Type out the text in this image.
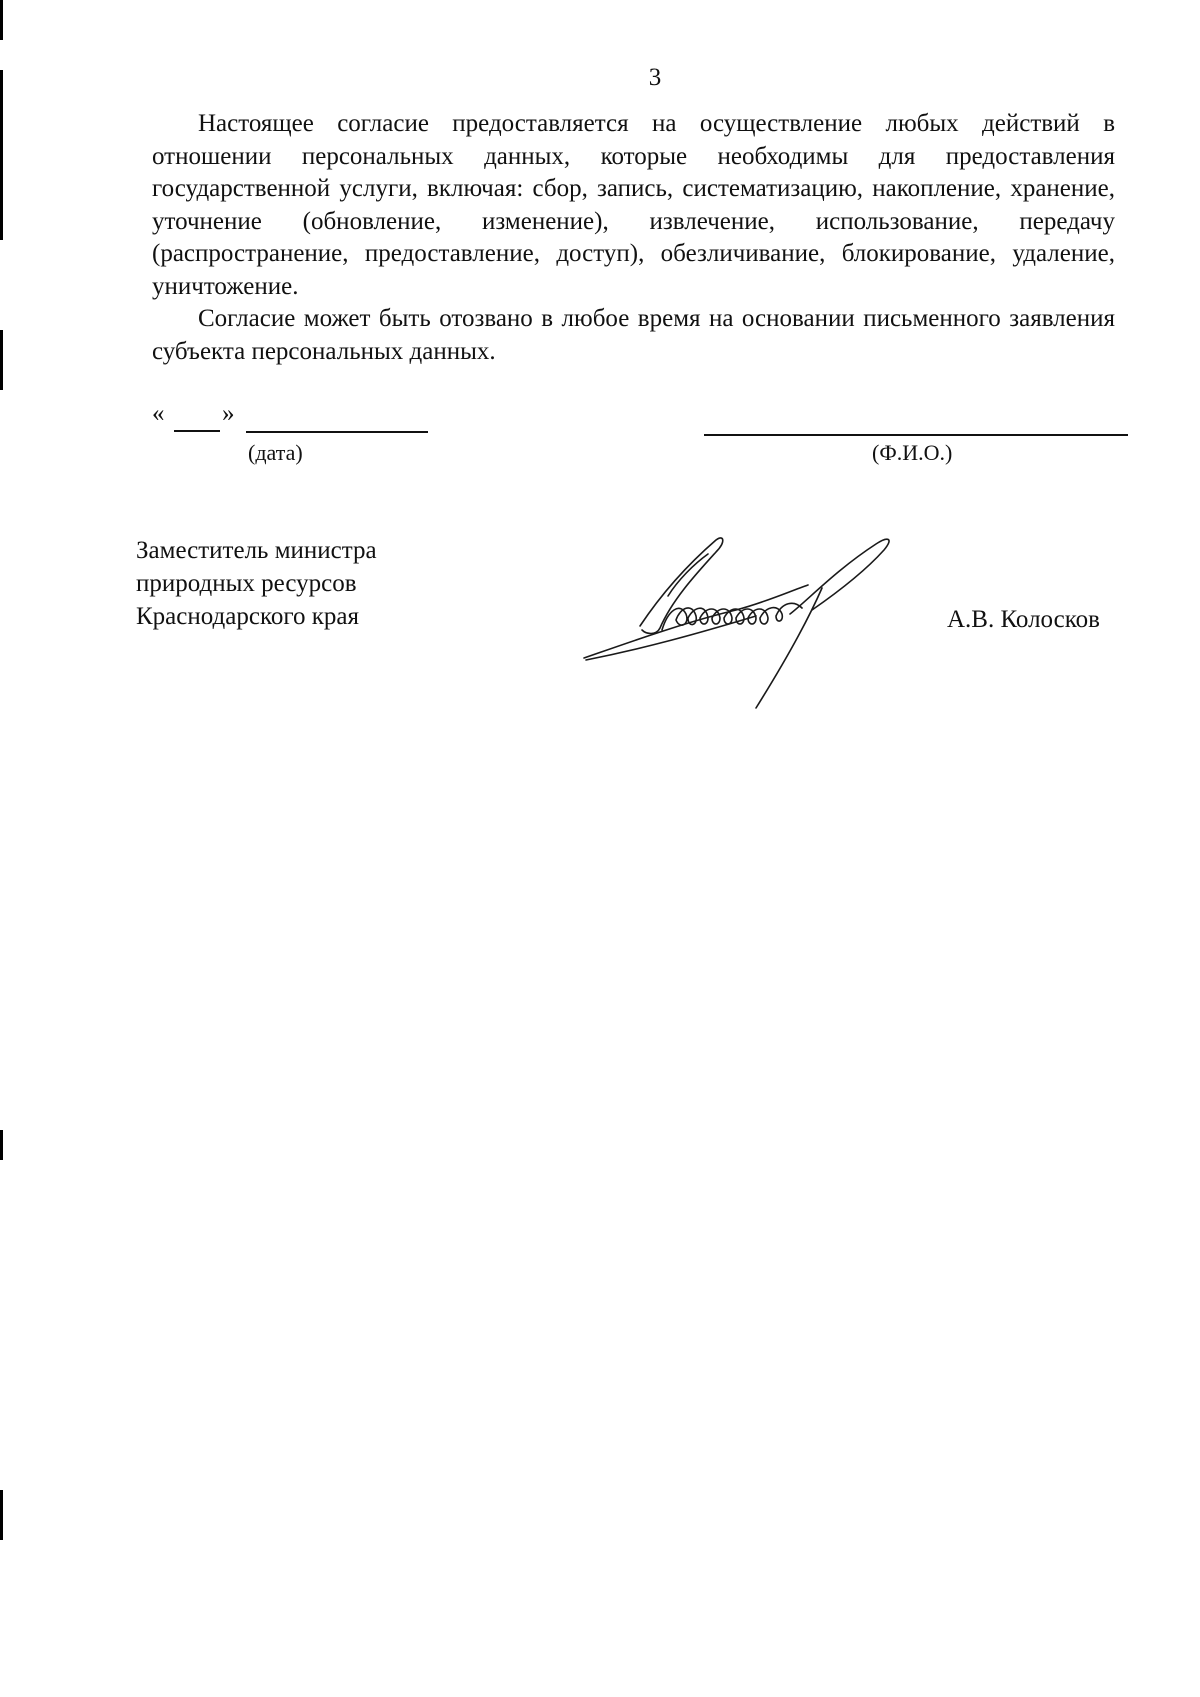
3

Настоящее согласие предоставляется на осуществление любых действий в отношении персональных данных, которые необходимы для предоставления государственной услуги, включая: сбор, запись, систематизацию, накопление, хранение, уточнение (обновление, изменение), извлечение, использование, передачу (распространение, предоставление, доступ), обезличивание, блокирование, удаление, уничтожение.

Согласие может быть отозвано в любое время на основании письменного заявления субъекта персональных данных.

« »
(дата)	(Ф.И.О.)
Заместитель министра
природных ресурсов
Краснодарского края	А.В. Колосков
